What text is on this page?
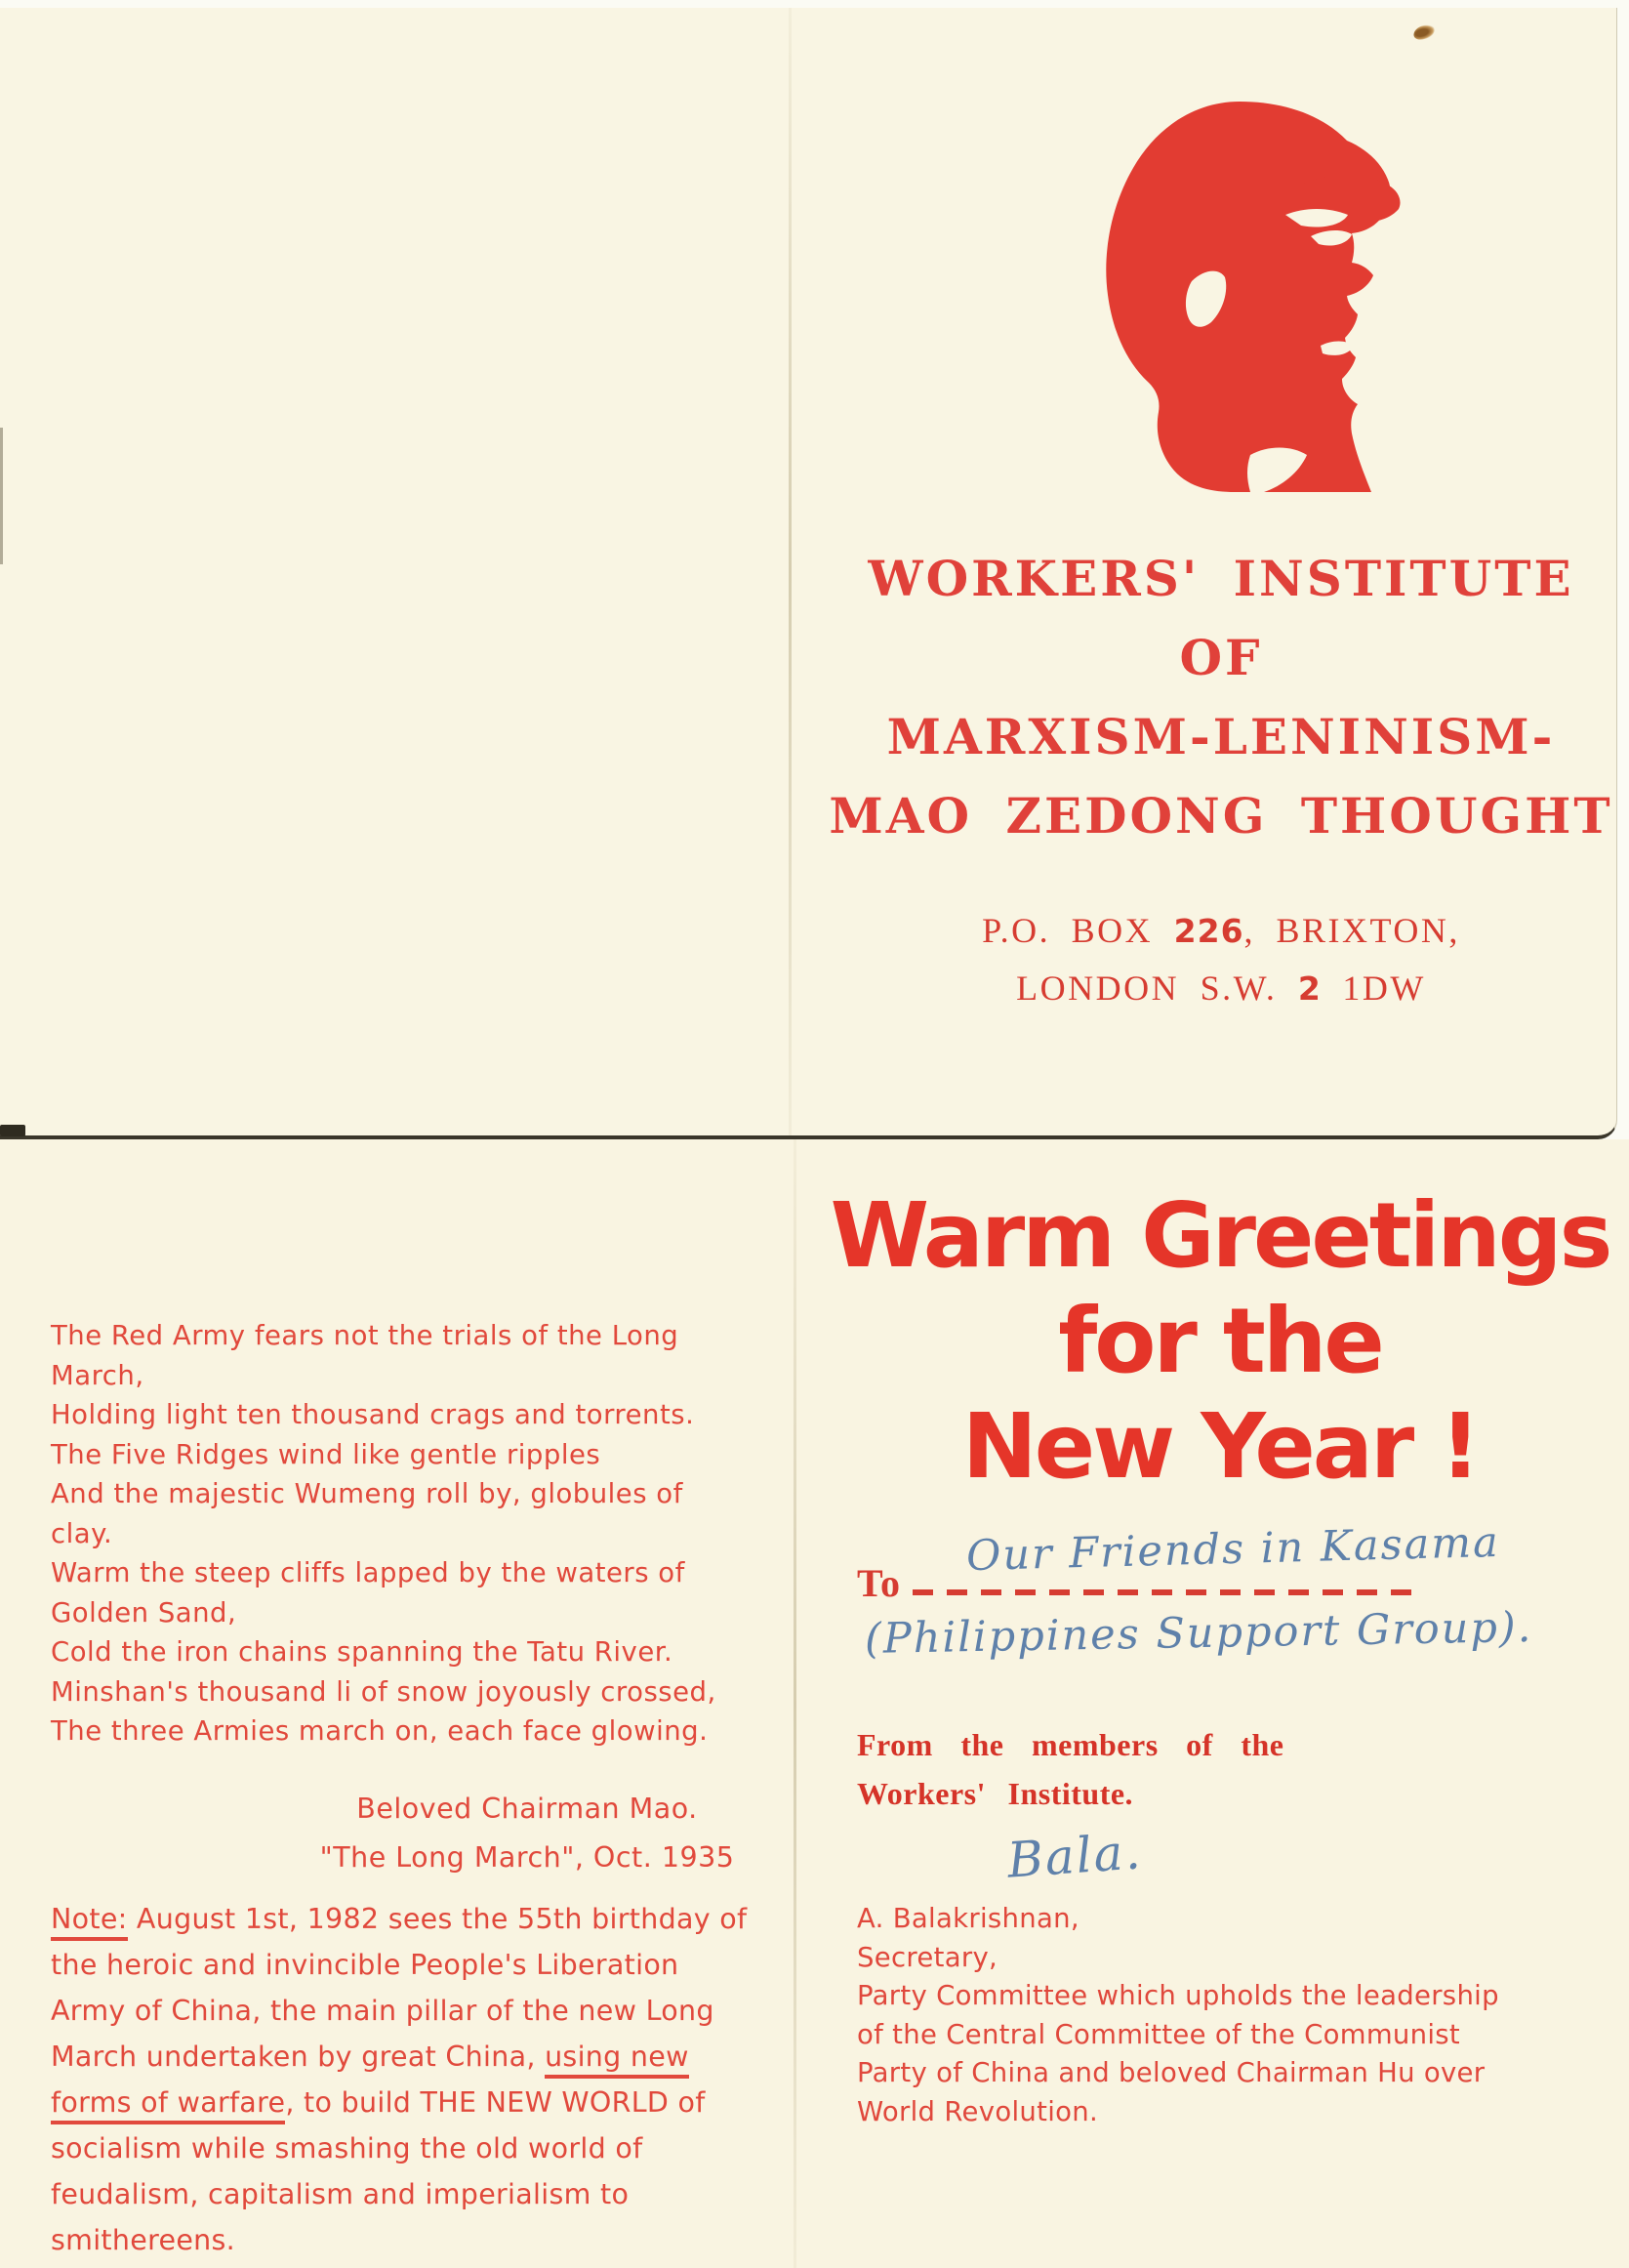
WORKERS' INSTITUTE
OF
MARXISM-LENINISM-
MAO ZEDONG THOUGHT
P.O. BOX 226, BRIXTON,
LONDON S.W. 2 1DW
The Red Army fears not the trials of the Long
March,
Holding light ten thousand crags and torrents.
The Five Ridges wind like gentle ripples
And the majestic Wumeng roll by, globules of
clay.
Warm the steep cliffs lapped by the waters of
Golden Sand,
Cold the iron chains spanning the Tatu River.
Minshan's thousand li of snow joyously crossed,
The three Armies march on, each face glowing.
Beloved Chairman Mao.
"The Long March", Oct. 1935
Note: August 1st, 1982 sees the 55th birthday of the heroic and invincible People's Liberation Army of China, the main pillar of the new Long March undertaken by great China, using new forms of warfare, to build THE NEW WORLD of socialism while smashing the old world of feudalism, capitalism and imperialism to smithereens.
Warm Greetings
for the
New Year !
To
Our Friends in Kasama
(Philippines Support Group).
From the members of the
Workers' Institute.
Bala.
A. Balakrishnan,
Secretary,
Party Committee which upholds the leadership
of the Central Committee of the Communist
Party of China and beloved Chairman Hu over
World Revolution.
